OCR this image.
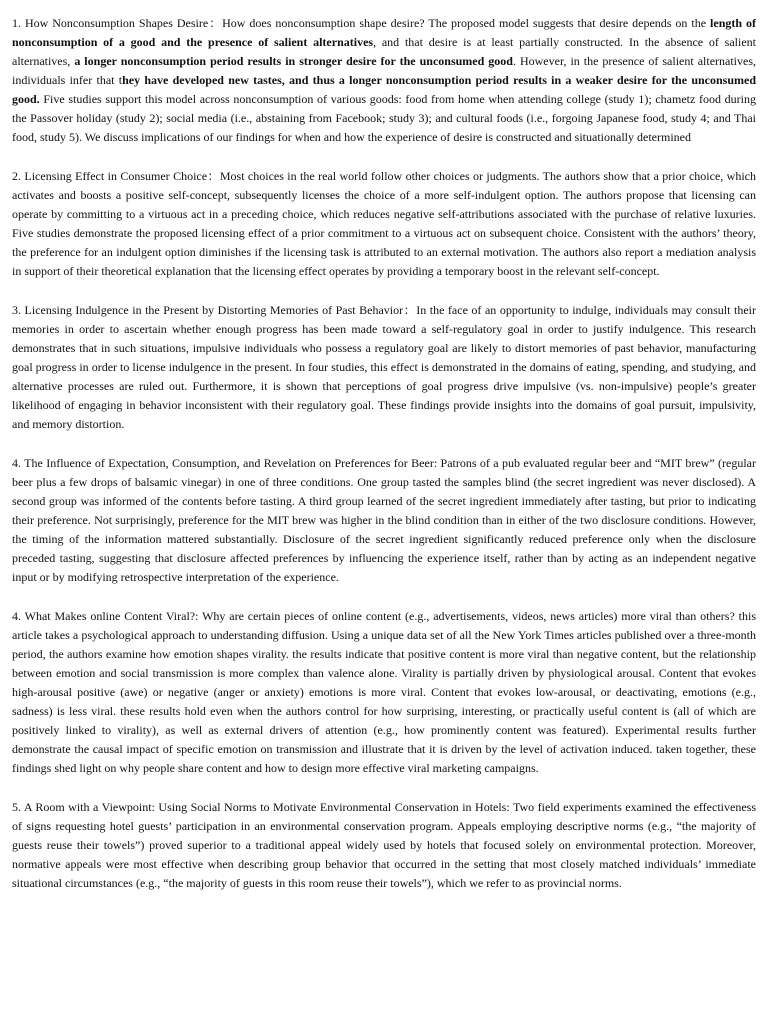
1. How Nonconsumption Shapes Desire：How does nonconsumption shape desire? The proposed model suggests that desire depends on the length of nonconsumption of a good and the presence of salient alternatives, and that desire is at least partially constructed. In the absence of salient alternatives, a longer nonconsumption period results in stronger desire for the unconsumed good. However, in the presence of salient alternatives, individuals infer that they have developed new tastes, and thus a longer nonconsumption period results in a weaker desire for the unconsumed good. Five studies support this model across nonconsumption of various goods: food from home when attending college (study 1); chametz food during the Passover holiday (study 2); social media (i.e., abstaining from Facebook; study 3); and cultural foods (i.e., forgoing Japanese food, study 4; and Thai food, study 5). We discuss implications of our findings for when and how the experience of desire is constructed and situationally determined

2. Licensing Effect in Consumer Choice：Most choices in the real world follow other choices or judgments. The authors show that a prior choice, which activates and boosts a positive self-concept, subsequently licenses the choice of a more self-indulgent option. The authors propose that licensing can operate by committing to a virtuous act in a preceding choice, which reduces negative self-attributions associated with the purchase of relative luxuries. Five studies demonstrate the proposed licensing effect of a prior commitment to a virtuous act on subsequent choice. Consistent with the authors’ theory, the preference for an indulgent option diminishes if the licensing task is attributed to an external motivation. The authors also report a mediation analysis in support of their theoretical explanation that the licensing effect operates by providing a temporary boost in the relevant self-concept.

3. Licensing Indulgence in the Present by Distorting Memories of Past Behavior：In the face of an opportunity to indulge, individuals may consult their memories in order to ascertain whether enough progress has been made toward a self-regulatory goal in order to justify indulgence. This research demonstrates that in such situations, impulsive individuals who possess a regulatory goal are likely to distort memories of past behavior, manufacturing goal progress in order to license indulgence in the present. In four studies, this effect is demonstrated in the domains of eating, spending, and studying, and alternative processes are ruled out. Furthermore, it is shown that perceptions of goal progress drive impulsive (vs. non-impulsive) people’s greater likelihood of engaging in behavior inconsistent with their regulatory goal. These findings provide insights into the domains of goal pursuit, impulsivity, and memory distortion.

4. The Influence of Expectation, Consumption, and Revelation on Preferences for Beer: Patrons of a pub evaluated regular beer and “MIT brew” (regular beer plus a few drops of balsamic vinegar) in one of three conditions. One group tasted the samples blind (the secret ingredient was never disclosed). A second group was informed of the contents before tasting. A third group learned of the secret ingredient immediately after tasting, but prior to indicating their preference. Not surprisingly, preference for the MIT brew was higher in the blind condition than in either of the two disclosure conditions. However, the timing of the information mattered substantially. Disclosure of the secret ingredient significantly reduced preference only when the disclosure preceded tasting, suggesting that disclosure affected preferences by influencing the experience itself, rather than by acting as an independent negative input or by modifying retrospective interpretation of the experience.

4. What Makes online Content Viral?: Why are certain pieces of online content (e.g., advertisements, videos, news articles) more viral than others? this article takes a psychological approach to understanding diffusion. Using a unique data set of all the New York Times articles published over a three-month period, the authors examine how emotion shapes virality. the results indicate that positive content is more viral than negative content, but the relationship between emotion and social transmission is more complex than valence alone. Virality is partially driven by physiological arousal. Content that evokes high-arousal positive (awe) or negative (anger or anxiety) emotions is more viral. Content that evokes low-arousal, or deactivating, emotions (e.g., sadness) is less viral. these results hold even when the authors control for how surprising, interesting, or practically useful content is (all of which are positively linked to virality), as well as external drivers of attention (e.g., how prominently content was featured). Experimental results further demonstrate the causal impact of specific emotion on transmission and illustrate that it is driven by the level of activation induced. taken together, these findings shed light on why people share content and how to design more effective viral marketing campaigns.

5. A Room with a Viewpoint: Using Social Norms to Motivate Environmental Conservation in Hotels: Two field experiments examined the effectiveness of signs requesting hotel guests’ participation in an environmental conservation program. Appeals employing descriptive norms (e.g., “the majority of guests reuse their towels”) proved superior to a traditional appeal widely used by hotels that focused solely on environmental protection. Moreover, normative appeals were most effective when describing group behavior that occurred in the setting that most closely matched individuals’ immediate situational circumstances (e.g., “the majority of guests in this room reuse their towels”), which we refer to as provincial norms.
